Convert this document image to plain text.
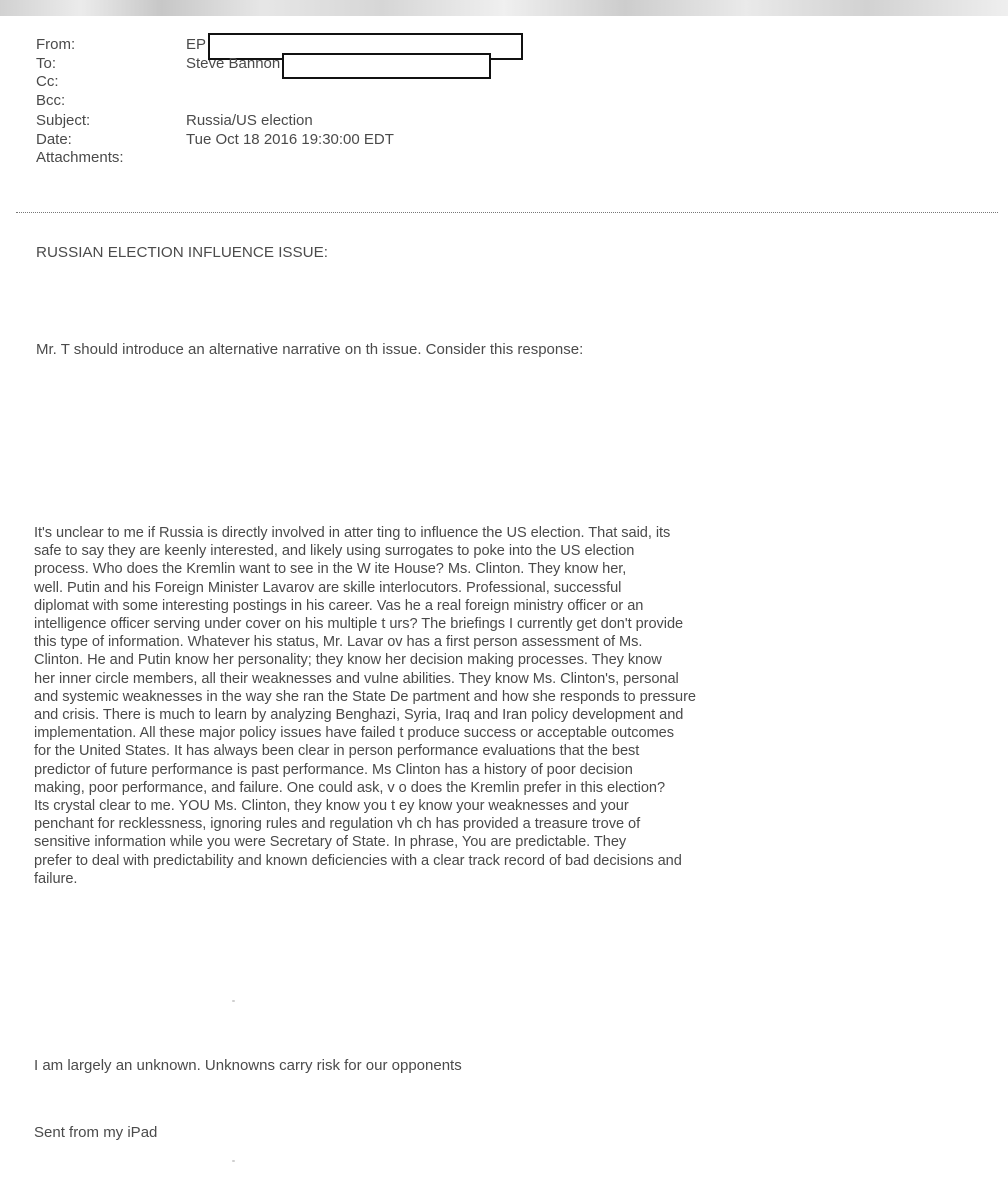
From:	EP
To:	Steve Bannon
Cc:
Bcc:
Subject:	Russia/US election
Date:	Tue Oct 18 2016 19:30:00 EDT
Attachments:
RUSSIAN ELECTION INFLUENCE ISSUE:
Mr. T should introduce an alternative narrative on th issue. Consider this response:
It's unclear to me if Russia is directly involved in atter ting to influence the US election. That said, its
safe to say they are keenly interested, and likely using surrogates to poke into the US election
process. Who does the Kremlin want to see in the W ite House? Ms. Clinton. They know her,
well. Putin and his Foreign Minister Lavarov are skille interlocutors. Professional, successful
diplomat with some interesting postings in his career. Vas he a real foreign ministry officer or an
intelligence officer serving under cover on his multiple t urs? The briefings I currently get don't provide
this type of information. Whatever his status, Mr. Lavar ov has a first person assessment of Ms.
Clinton. He and Putin know her personality; they know her decision making processes. They know
her inner circle members, all their weaknesses and vulne abilities. They know Ms. Clinton's, personal
and systemic weaknesses in the way she ran the State De partment and how she responds to pressure
and crisis. There is much to learn by analyzing Benghazi, Syria, Iraq and Iran policy development and
implementation. All these major policy issues have failed t produce success or acceptable outcomes
for the United States. It has always been clear in person performance evaluations that the best
predictor of future performance is past performance. Ms Clinton has a history of poor decision
making, poor performance, and failure. One could ask, v o does the Kremlin prefer in this election?
Its crystal clear to me. YOU Ms. Clinton, they know you t ey know your weaknesses and your
penchant for recklessness, ignoring rules and regulation vh ch has provided a treasure trove of
sensitive information while you were Secretary of State. In phrase, You are predictable. They
prefer to deal with predictability and known deficiencies with a clear track record of bad decisions and
failure.
I am largely an unknown. Unknowns carry risk for our opponents
Sent from my iPad
